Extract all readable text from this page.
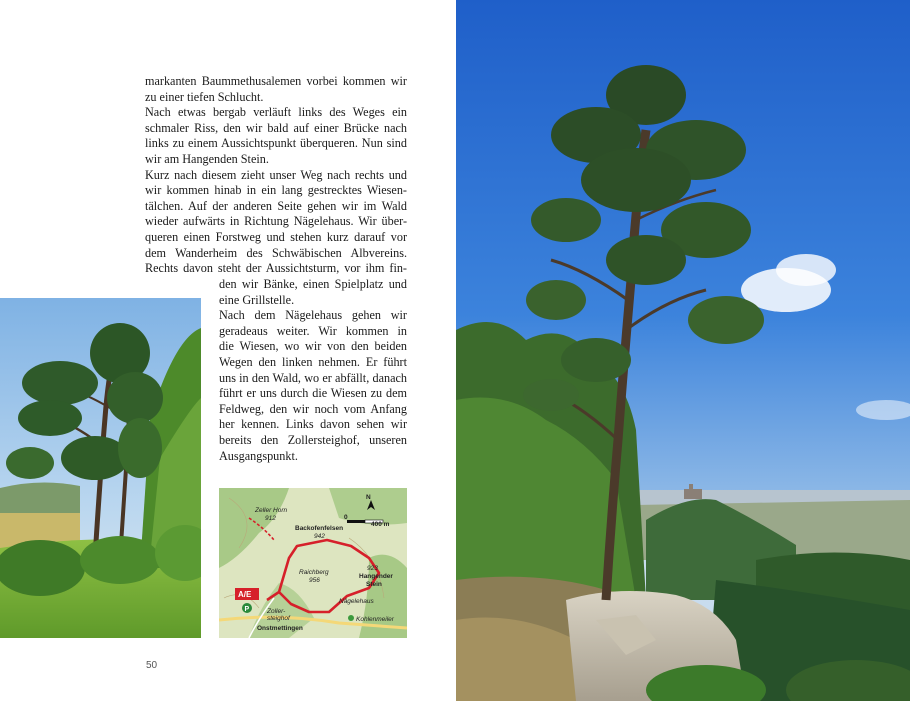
markanten Baummethusalemen vorbei kommen wir
zu einer tiefen Schlucht.
Nach etwas bergab verläuft links des Weges ein
schmaler Riss, den wir bald auf einer Brücke nach
links zu einem Aussichtspunkt überqueren. Nun sind
wir am Hangenden Stein.
Kurz nach diesem zieht unser Weg nach rechts und
wir kommen hinab in ein lang gestrecktes Wiesen-
tälchen. Auf der anderen Seite gehen wir im Wald
wieder aufwärts in Richtung Nägelehaus. Wir über-
queren einen Forstweg und stehen kurz darauf vor
dem Wanderheim des Schwäbischen Albvereins.
Rechts davon steht der Aussichtsturm, vor ihm fin-
den wir Bänke, einen Spielplatz und
eine Grillstelle.
Nach dem Nägelehaus gehen wir
geradeaus weiter. Wir kommen in
die Wiesen, wo wir von den beiden
Wegen den linken nehmen. Er führt
uns in den Wald, wo er abfällt, danach
führt er uns durch die Wiesen zu dem
Feldweg, den wir noch vom Anfang
her kennen. Links davon sehen wir
bereits den Zollersteighof, unseren
Ausgangspunkt.
N
0
400 m
Zeller Horn
912
Backofenfelsen
942
Raichberg
956
923
Hangender
Stein
Nägelehaus
Zoller-
steighof
Onstmettingen
Kohlenmeiler
A/E
P
50
